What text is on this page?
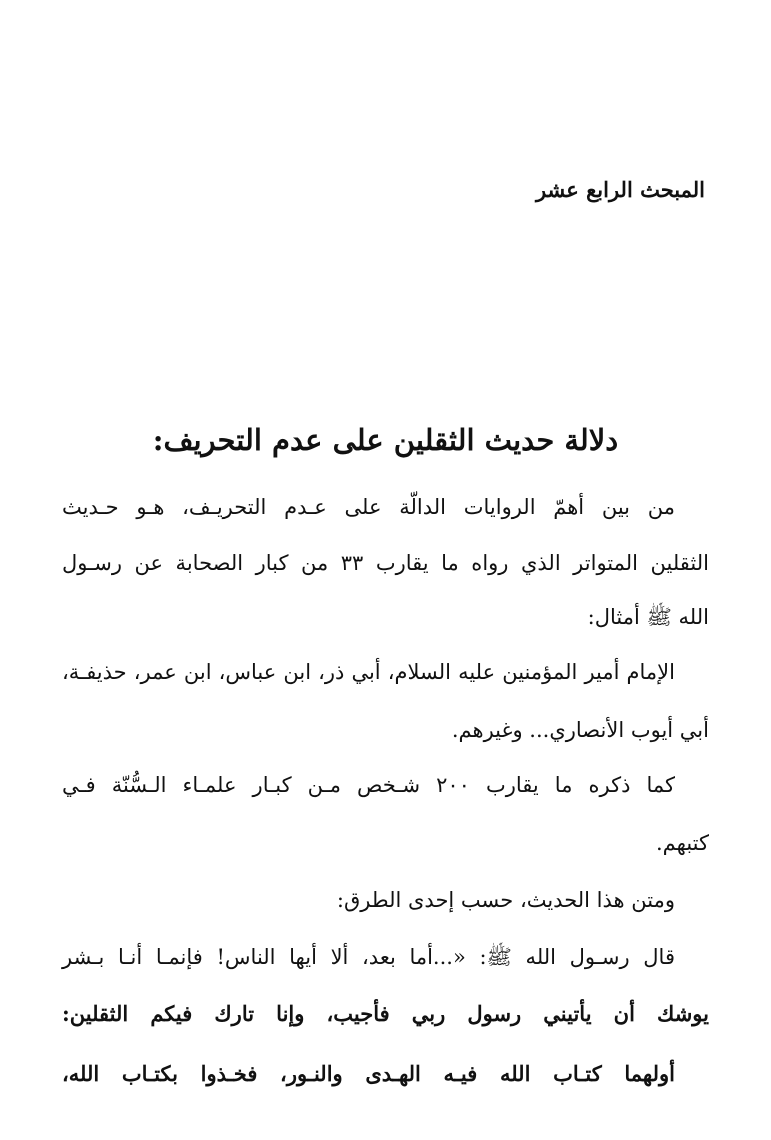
المبحث الرابع عشر
دلالة حديث الثقلين على عدم التحريف:

من بين أهمّ الروايات الدالّة على عـدم التحريـف، هـو حـديث

الثقلين المتواتر الذي رواه ما يقارب ٣٣ من كبار الصحابة عن رسـول

الله ﷺ أمثال:

الإمام أمير المؤمنين عليه السلام، أبي ذر، ابن عباس، ابن عمر، حذيفـة،

أبي أيوب الأنصاري... وغيرهم.

كما ذكره ما يقارب ٢٠٠ شـخص مـن كبـار علمـاء الـسُّنّة فـي

كتبهم.

ومتن هذا الحديث، حسب إحدى الطرق:

قال رسـول الله ﷺ: «...أما بعد، ألا أيها الناس! فإنمـا أنـا بـشر

يوشك أن يأتيني رسول ربي فأجيب، وإنا تارك فيكم الثقلين:

أولهما كتـاب الله فيـه الهـدى والنـور، فخـذوا بكتـاب الله،
